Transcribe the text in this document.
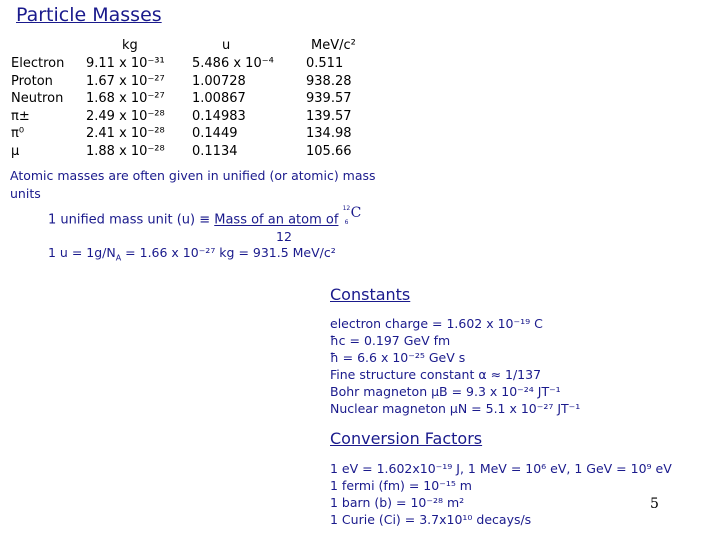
Particle Masses
kg	u	MeV/c²
Electron 9.11 x 10⁻³¹ 5.486 x 10⁻⁴ 0.511
Proton	1.67 x 10⁻²⁷ 1.00728	938.28
Neutron 1.68 x 10⁻²⁷ 1.00867	939.57
π±	2.49 x 10⁻²⁸ 0.14983	139.57
π⁰	2.41 x 10⁻²⁸ 0.1449	134.98
μ	1.88 x 10⁻²⁸ 0.1134	105.66
Atomic masses are often given in unified (or atomic) mass units
1 unified mass unit (u) ≡ Mass of an atom of
12
6
C
12
1 $u = 1g/N_A = 1.66$ x 10⁻²⁷ kg = 931.5 MeV/c²
Constants
electron charge = 1.602 x 10⁻¹⁹ C
ħc = 0.197 GeV fm
ħ = 6.6 x 10⁻²⁵ GeV s
Fine structure constant α ≈ 1/137
Bohr magneton μB = 9.3 x 10⁻²⁴ JT⁻¹
Nuclear magneton μN = 5.1 x 10⁻²⁷ JT⁻¹
Conversion Factors
1 eV = 1.602x10⁻¹⁹ J, 1 MeV = 10⁶ eV, 1 GeV = 10⁹ eV
1 fermi (fm) = 10⁻¹⁵ m
1 barn (b) = 10⁻²⁸ m²
1 Curie (Ci) = 3.7x10¹⁰ decays/s
5
